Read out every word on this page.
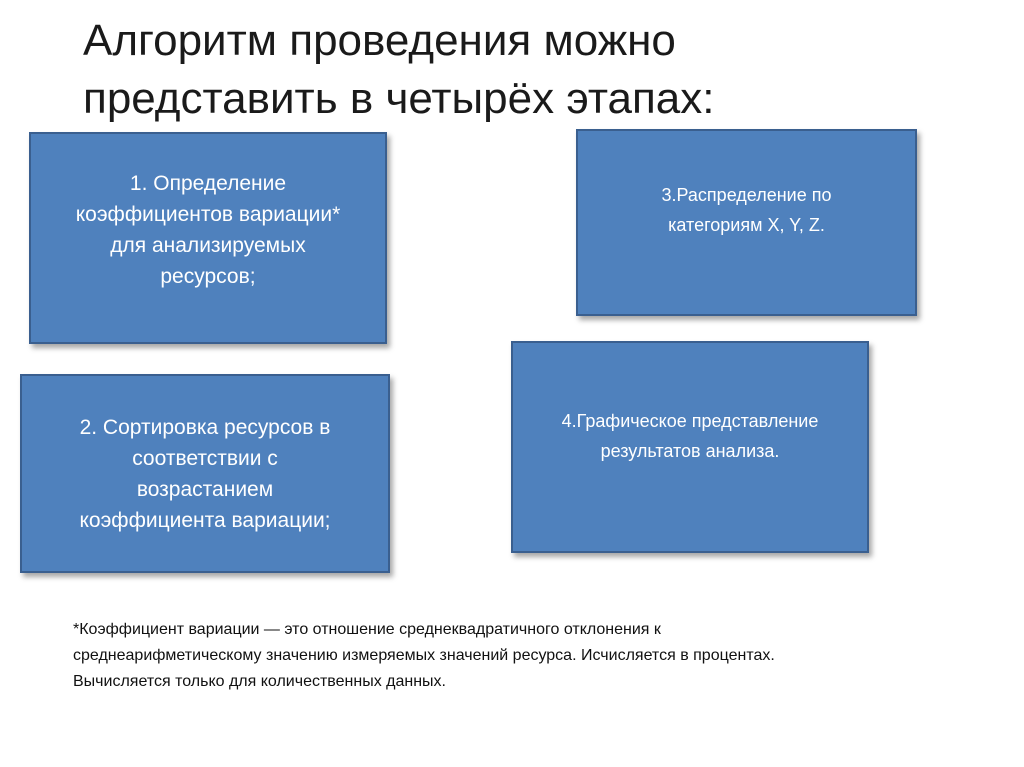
Алгоритм проведения можно представить в четырёх этапах:
1. Определение
коэффициентов вариации*
для анализируемых
ресурсов;
2. Сортировка ресурсов в
соответствии с
возрастанием
коэффициента вариации;
3.Распределение по
категориям X, Y, Z.
4.Графическое представление
результатов анализа.

*Коэффициент вариации — это отношение среднеквадратичного отклонения к среднеарифметическому значению измеряемых значений ресурса. Исчисляется в процентах. Вычисляется только для количественных данных.
